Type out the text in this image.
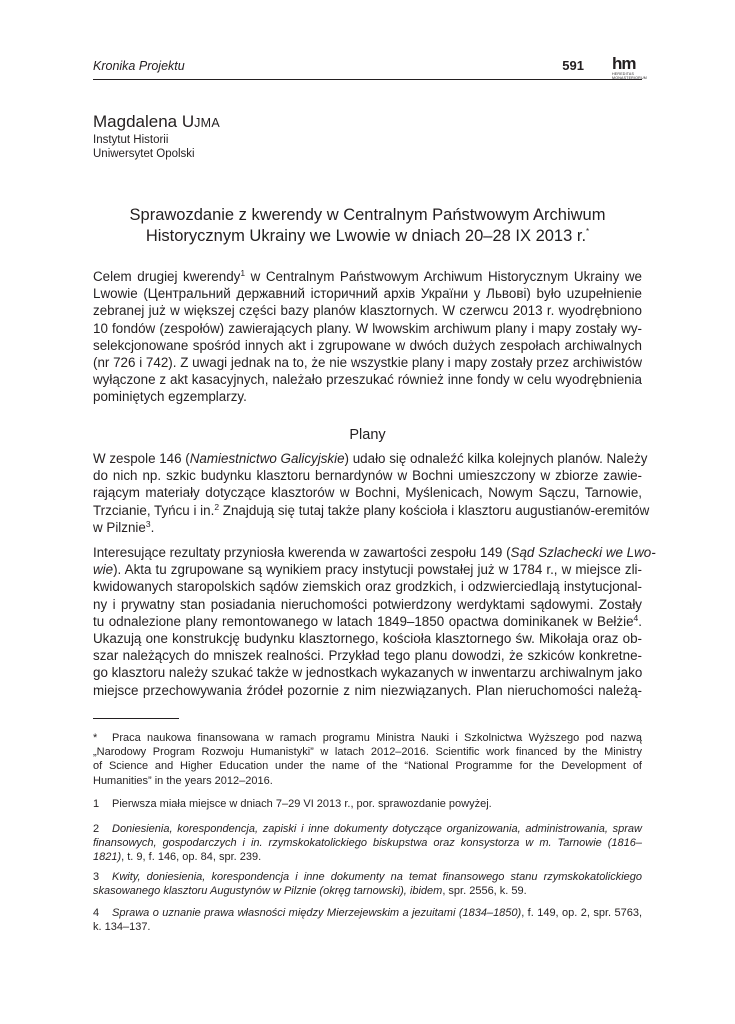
Kronika Projektu	591 hm
HEREDITAS MONASTERIORUM
Magdalena UJMA
Instytut Historii
Uniwersytet Opolski
Sprawozdanie z kwerendy w Centralnym Państwowym Archiwum
Historycznym Ukrainy we Lwowie w dniach 20–28 IX 2013 r.*
Celem drugiej kwerendy$^1$ w Centralnym Państwowym Archiwum Historycznym Ukrainy we
Lwowie (Центральний державний історичний архів України у Львові) było uzupełnienie
zebranej już w większej części bazy planów klasztornych. W czerwcu 2013 r. wyodrębniono
10 fondów (zespołów) zawierających plany. W lwowskim archiwum plany i mapy zostały wy-
selekcjonowane spośród innych akt i zgrupowane w dwóch dużych zespołach archiwalnych
(nr 726 i 742). Z uwagi jednak na to, że nie wszystkie plany i mapy zostały przez archiwistów
wyłączone z akt kasacyjnych, należało przeszukać również inne fondy w celu wyodrębnienia
pominiętych egzemplarzy.
Plany
W zespole 146 (Namiestnictwo Galicyjskie) udało się odnaleźć kilka kolejnych planów. Należy
do nich np. szkic budynku klasztoru bernardynów w Bochni umieszczony w zbiorze zawie-
rającym materiały dotyczące klasztorów w Bochni, Myślenicach, Nowym Sączu, Tarnowie,
Trzcianie, Tyńcu i in.$^2$ Znajdują się tutaj także plany kościoła i klasztoru augustianów-eremitów
w Pilznie$^3$.
Interesujące rezultaty przyniosła kwerenda w zawartości zespołu 149 (Sąd Szlachecki we Lwo-
wie). Akta tu zgrupowane są wynikiem pracy instytucji powstałej już w 1784 r., w miejsce zli-
kwidowanych staropolskich sądów ziemskich oraz grodzkich, i odzwierciedlają instytucjonal-
ny i prywatny stan posiadania nieruchomości potwierdzony werdyktami sądowymi. Zostały
tu odnalezione plany remontowanego w latach 1849–1850 opactwa dominikanek w Bełżie$^4$.
Ukazują one konstrukcję budynku klasztornego, kościoła klasztornego św. Mikołaja oraz ob-
szar należących do mniszek realności. Przykład tego planu dowodzi, że szkiców konkretne-
go klasztoru należy szukać także w jednostkach wykazanych w inwentarzu archiwalnym jako
miejsce przechowywania źródeł pozornie z nim niezwiązanych. Plan nieruchomości należą-
* Praca naukowa finansowana w ramach programu Ministra Nauki i Szkolnictwa Wyższego pod nazwą
„Narodowy Program Rozwoju Humanistyki” w latach 2012–2016. Scientific work financed by the Ministry
of Science and Higher Education under the name of the “National Programme for the Development of
Humanities” in the years 2012–2016.
1 Pierwsza miała miejsce w dniach 7–29 VI 2013 r., por. sprawozdanie powyżej.
2 Doniesienia, korespondencja, zapiski i inne dokumenty dotyczące organizowania, administrowania, spraw
finansowych, gospodarczych i in. rzymskokatolickiego biskupstwa oraz konsystorza w m. Tarnowie (1816–
1821), t. 9, f. 146, op. 84, spr. 239.
3 Kwity, doniesienia, korespondencja i inne dokumenty na temat finansowego stanu rzymskokatolickiego
skasowanego klasztoru Augustynów w Pilznie (okręg tarnowski), ibidem, spr. 2556, k. 59.
4 Sprawa o uznanie prawa własności między Mierzejewskim a jezuitami (1834–1850), f. 149, op. 2, spr. 5763,
k. 134–137.
